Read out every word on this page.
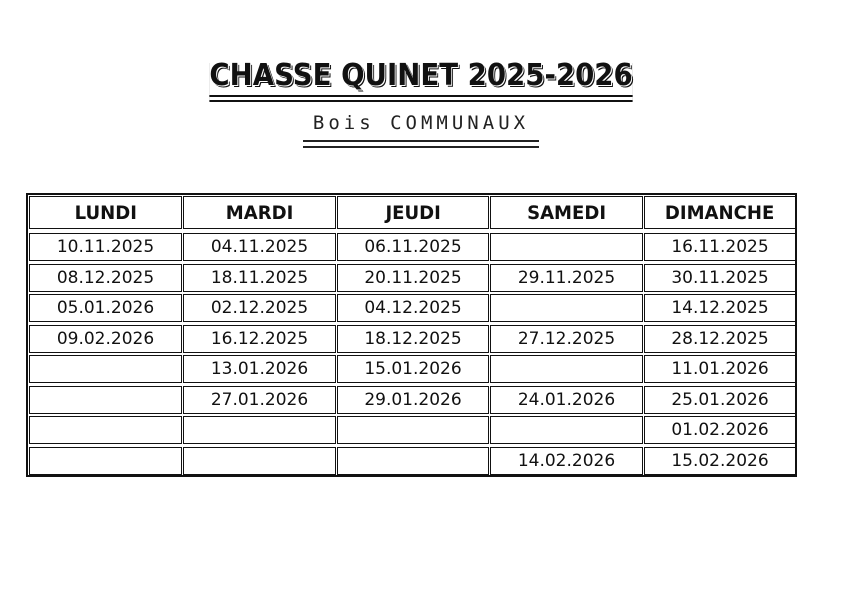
CHASSE QUINET 2025-2026
Bois COMMUNAUX
LUNDI
10.11.2025
08.12.2025
05.01.2026
09.02.2026
MARDI
04.11.2025
18.11.2025
02.12.2025
16.12.2025
13.01.2026
27.01.2026
JEUDI
06.11.2025
20.11.2025
04.12.2025
18.12.2025
15.01.2026
29.01.2026
SAMEDI
29.11.2025
27.12.2025
24.01.2026
14.02.2026
DIMANCHE
16.11.2025
30.11.2025
14.12.2025
28.12.2025
11.01.2026
25.01.2026
01.02.2026
15.02.2026
